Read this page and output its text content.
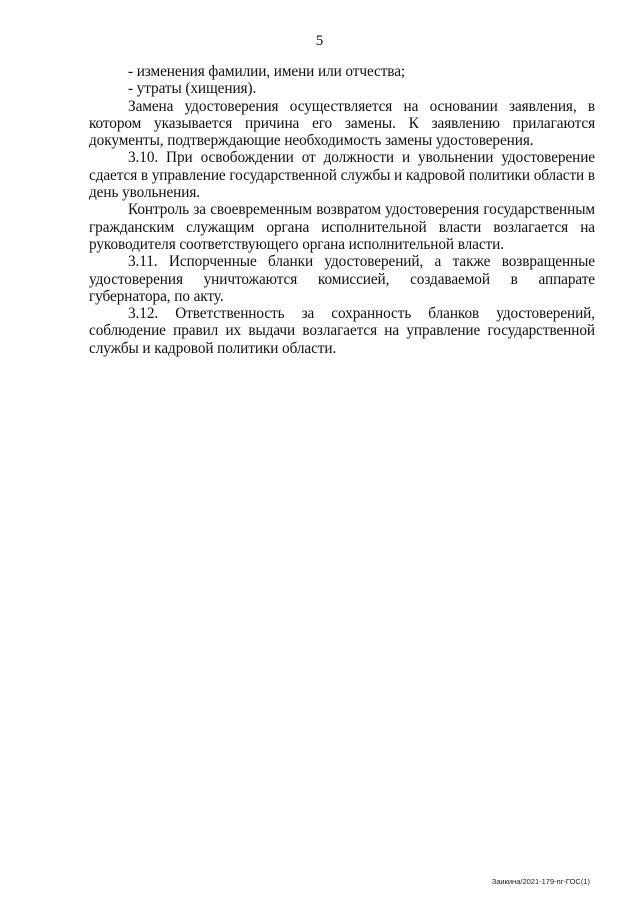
5

- изменения фамилии, имени или отчества;

- утраты (хищения).

Замена удостоверения осуществляется на основании заявления, в котором указывается причина его замены. К заявлению прилагаются документы, подтверждающие необходимость замены удостоверения.

3.10. При освобождении от должности и увольнении удостоверение сдается в управление государственной службы и кадровой политики области в день увольнения.

Контроль за своевременным возвратом удостоверения государственным гражданским служащим органа исполнительной власти возлагается на руководителя соответствующего органа исполнительной власти.

3.11. Испорченные бланки удостоверений, а также возвращенные удостоверения уничтожаются комиссией, создаваемой в аппарате губернатора, по акту.

3.12. Ответственность за сохранность бланков удостоверений, соблюдение правил их выдачи возлагается на управление государственной службы и кадровой политики области.

Заикина/2021-179-пг-ГОС(1)
